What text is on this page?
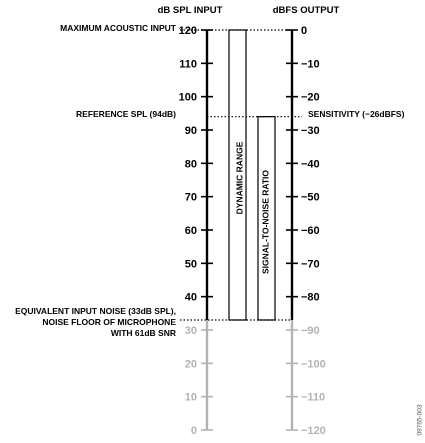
120	0
110	−10
100	−20
90	−30
80	−40
70	−50
60	−60
50	−70
40	−80
30	−90
20	−100
10	−110
0	−120
dB SPL INPUT	dBFS OUTPUT
MAXIMUM ACOUSTIC INPUT
REFERENCE SPL (94dB)	SENSITIVITY (−26dBFS)
EQUIVALENT INPUT NOISE (33dB SPL),
NOISE FLOOR OF MICROPHONE
WITH 61dB SNR
DYNAMIC RANGE SIGNAL-TO-NOISE RATIO
09765-003
